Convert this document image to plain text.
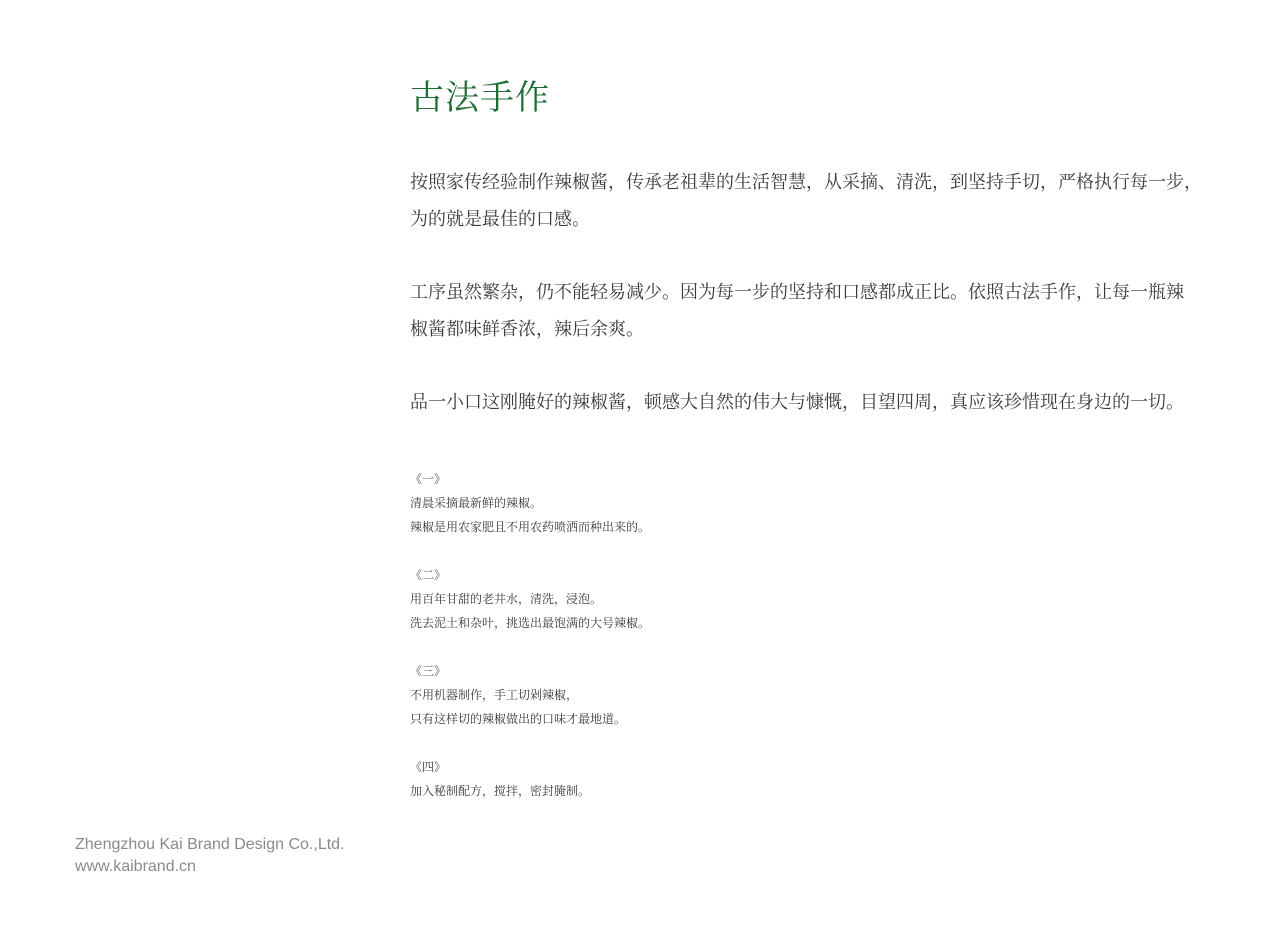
古法手作

按照家传经验制作辣椒酱，传承老祖辈的生活智慧，从采摘、清洗，到坚持手切，严格执行每一步，
为的就是最佳的口感。

工序虽然繁杂，仍不能轻易减少。因为每一步的坚持和口感都成正比。依照古法手作，让每一瓶辣
椒酱都味鲜香浓，辣后余爽。

品一小口这刚腌好的辣椒酱，顿感大自然的伟大与慷慨，目望四周，真应该珍惜现在身边的一切。

《一》
清晨采摘最新鲜的辣椒。
辣椒是用农家肥且不用农药喷洒而种出来的。
《二》
用百年甘甜的老井水，清洗，浸泡。
洗去泥土和杂叶，挑选出最饱满的大号辣椒。
《三》
不用机器制作，手工切剁辣椒，
只有这样切的辣椒做出的口味才最地道。
《四》
加入秘制配方，搅拌，密封腌制。
Zhengzhou Kai Brand Design Co.,Ltd.
www.kaibrand.cn
